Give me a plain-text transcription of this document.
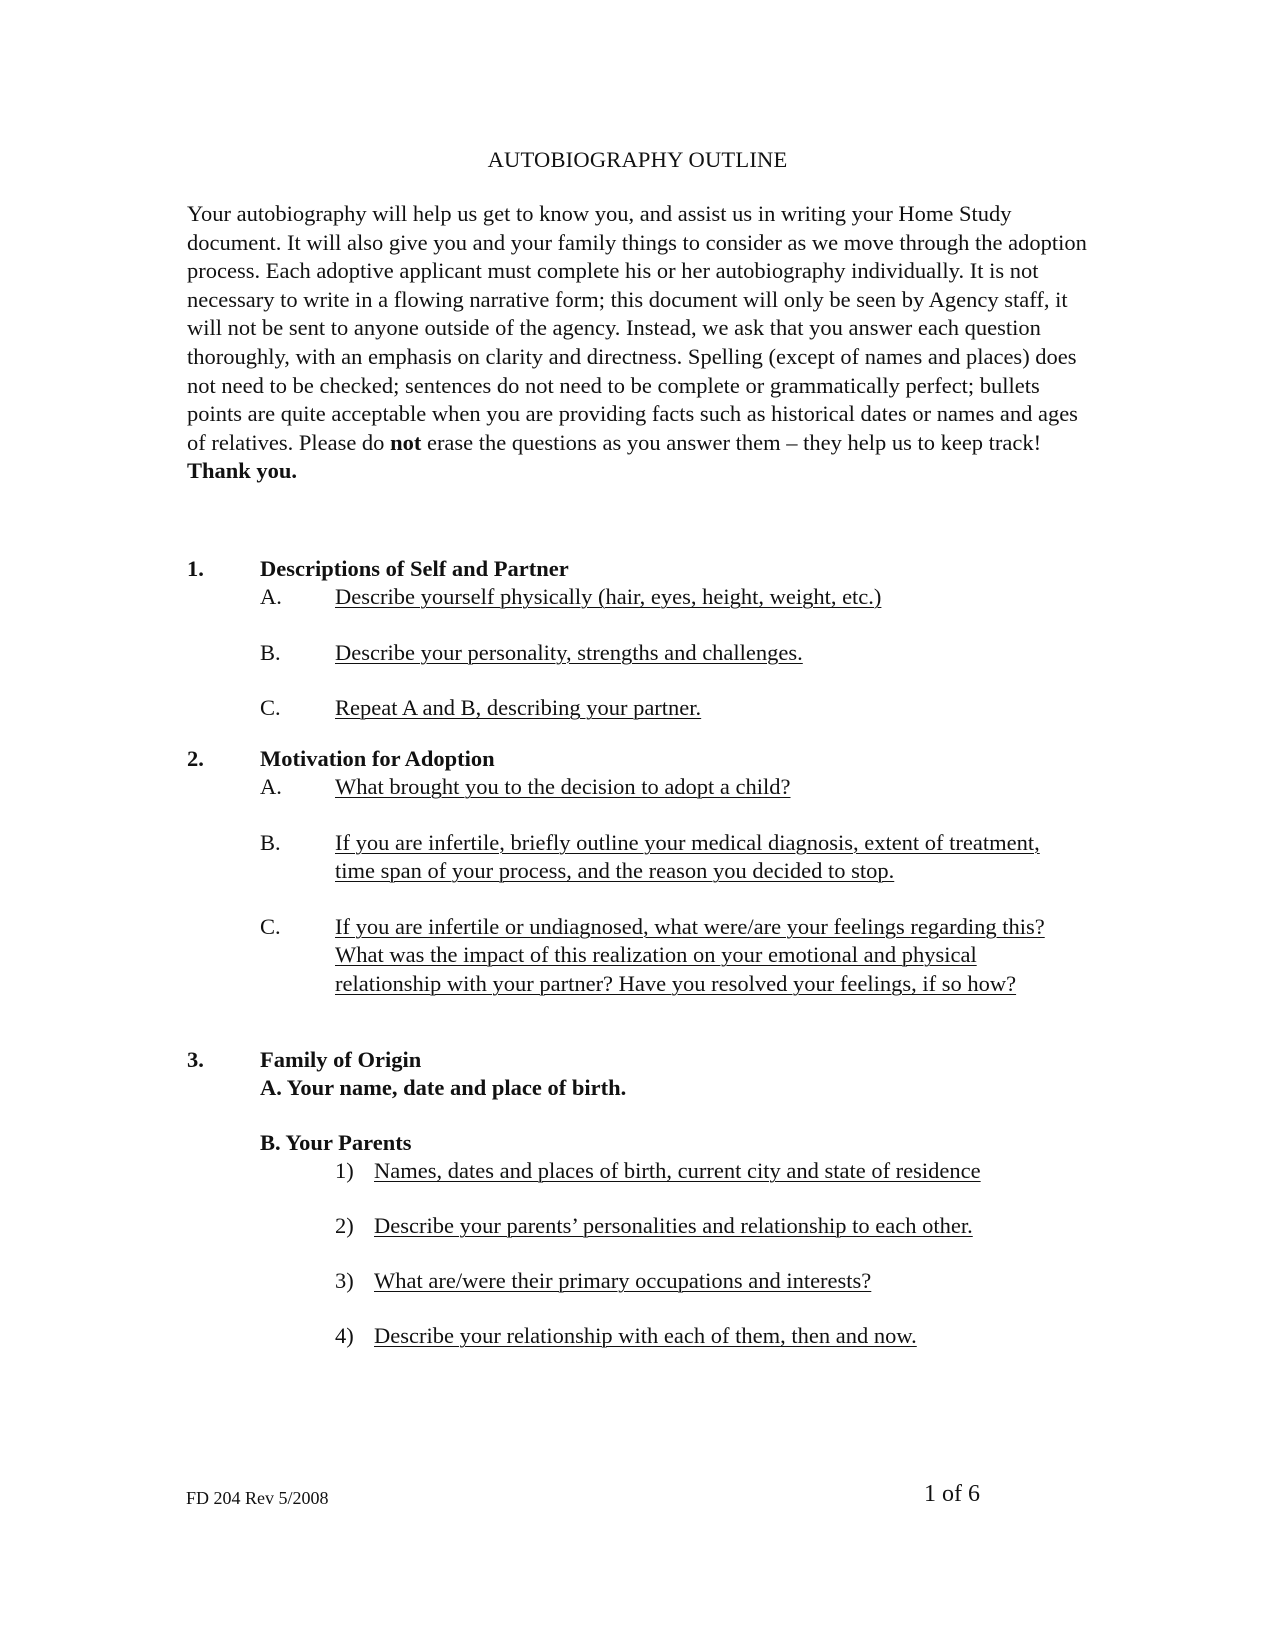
AUTOBIOGRAPHY OUTLINE
Your autobiography will help us get to know you, and assist us in writing your Home Study document. It will also give you and your family things to consider as we move through the adoption process. Each adoptive applicant must complete his or her autobiography individually. It is not necessary to write in a flowing narrative form; this document will only be seen by Agency staff, it will not be sent to anyone outside of the agency. Instead, we ask that you answer each question thoroughly, with an emphasis on clarity and directness. Spelling (except of names and places) does not need to be checked; sentences do not need to be complete or grammatically perfect; bullets points are quite acceptable when you are providing facts such as historical dates or names and ages of relatives. Please do not erase the questions as you answer them – they help us to keep track! Thank you.
1. Descriptions of Self and Partner
A. Describe yourself physically (hair, eyes, height, weight, etc.)
B. Describe your personality, strengths and challenges.
C. Repeat A and B, describing your partner.
2. Motivation for Adoption
A. What brought you to the decision to adopt a child?
B. If you are infertile, briefly outline your medical diagnosis, extent of treatment, time span of your process, and the reason you decided to stop.
C. If you are infertile or undiagnosed, what were/are your feelings regarding this? What was the impact of this realization on your emotional and physical relationship with your partner? Have you resolved your feelings, if so how?
3. Family of Origin
A. Your name, date and place of birth.
B. Your Parents
1) Names, dates and places of birth, current city and state of residence
2) Describe your parents’ personalities and relationship to each other.
3) What are/were their primary occupations and interests?
4) Describe your relationship with each of them, then and now.
FD 204 Rev 5/2008	1 of 6
